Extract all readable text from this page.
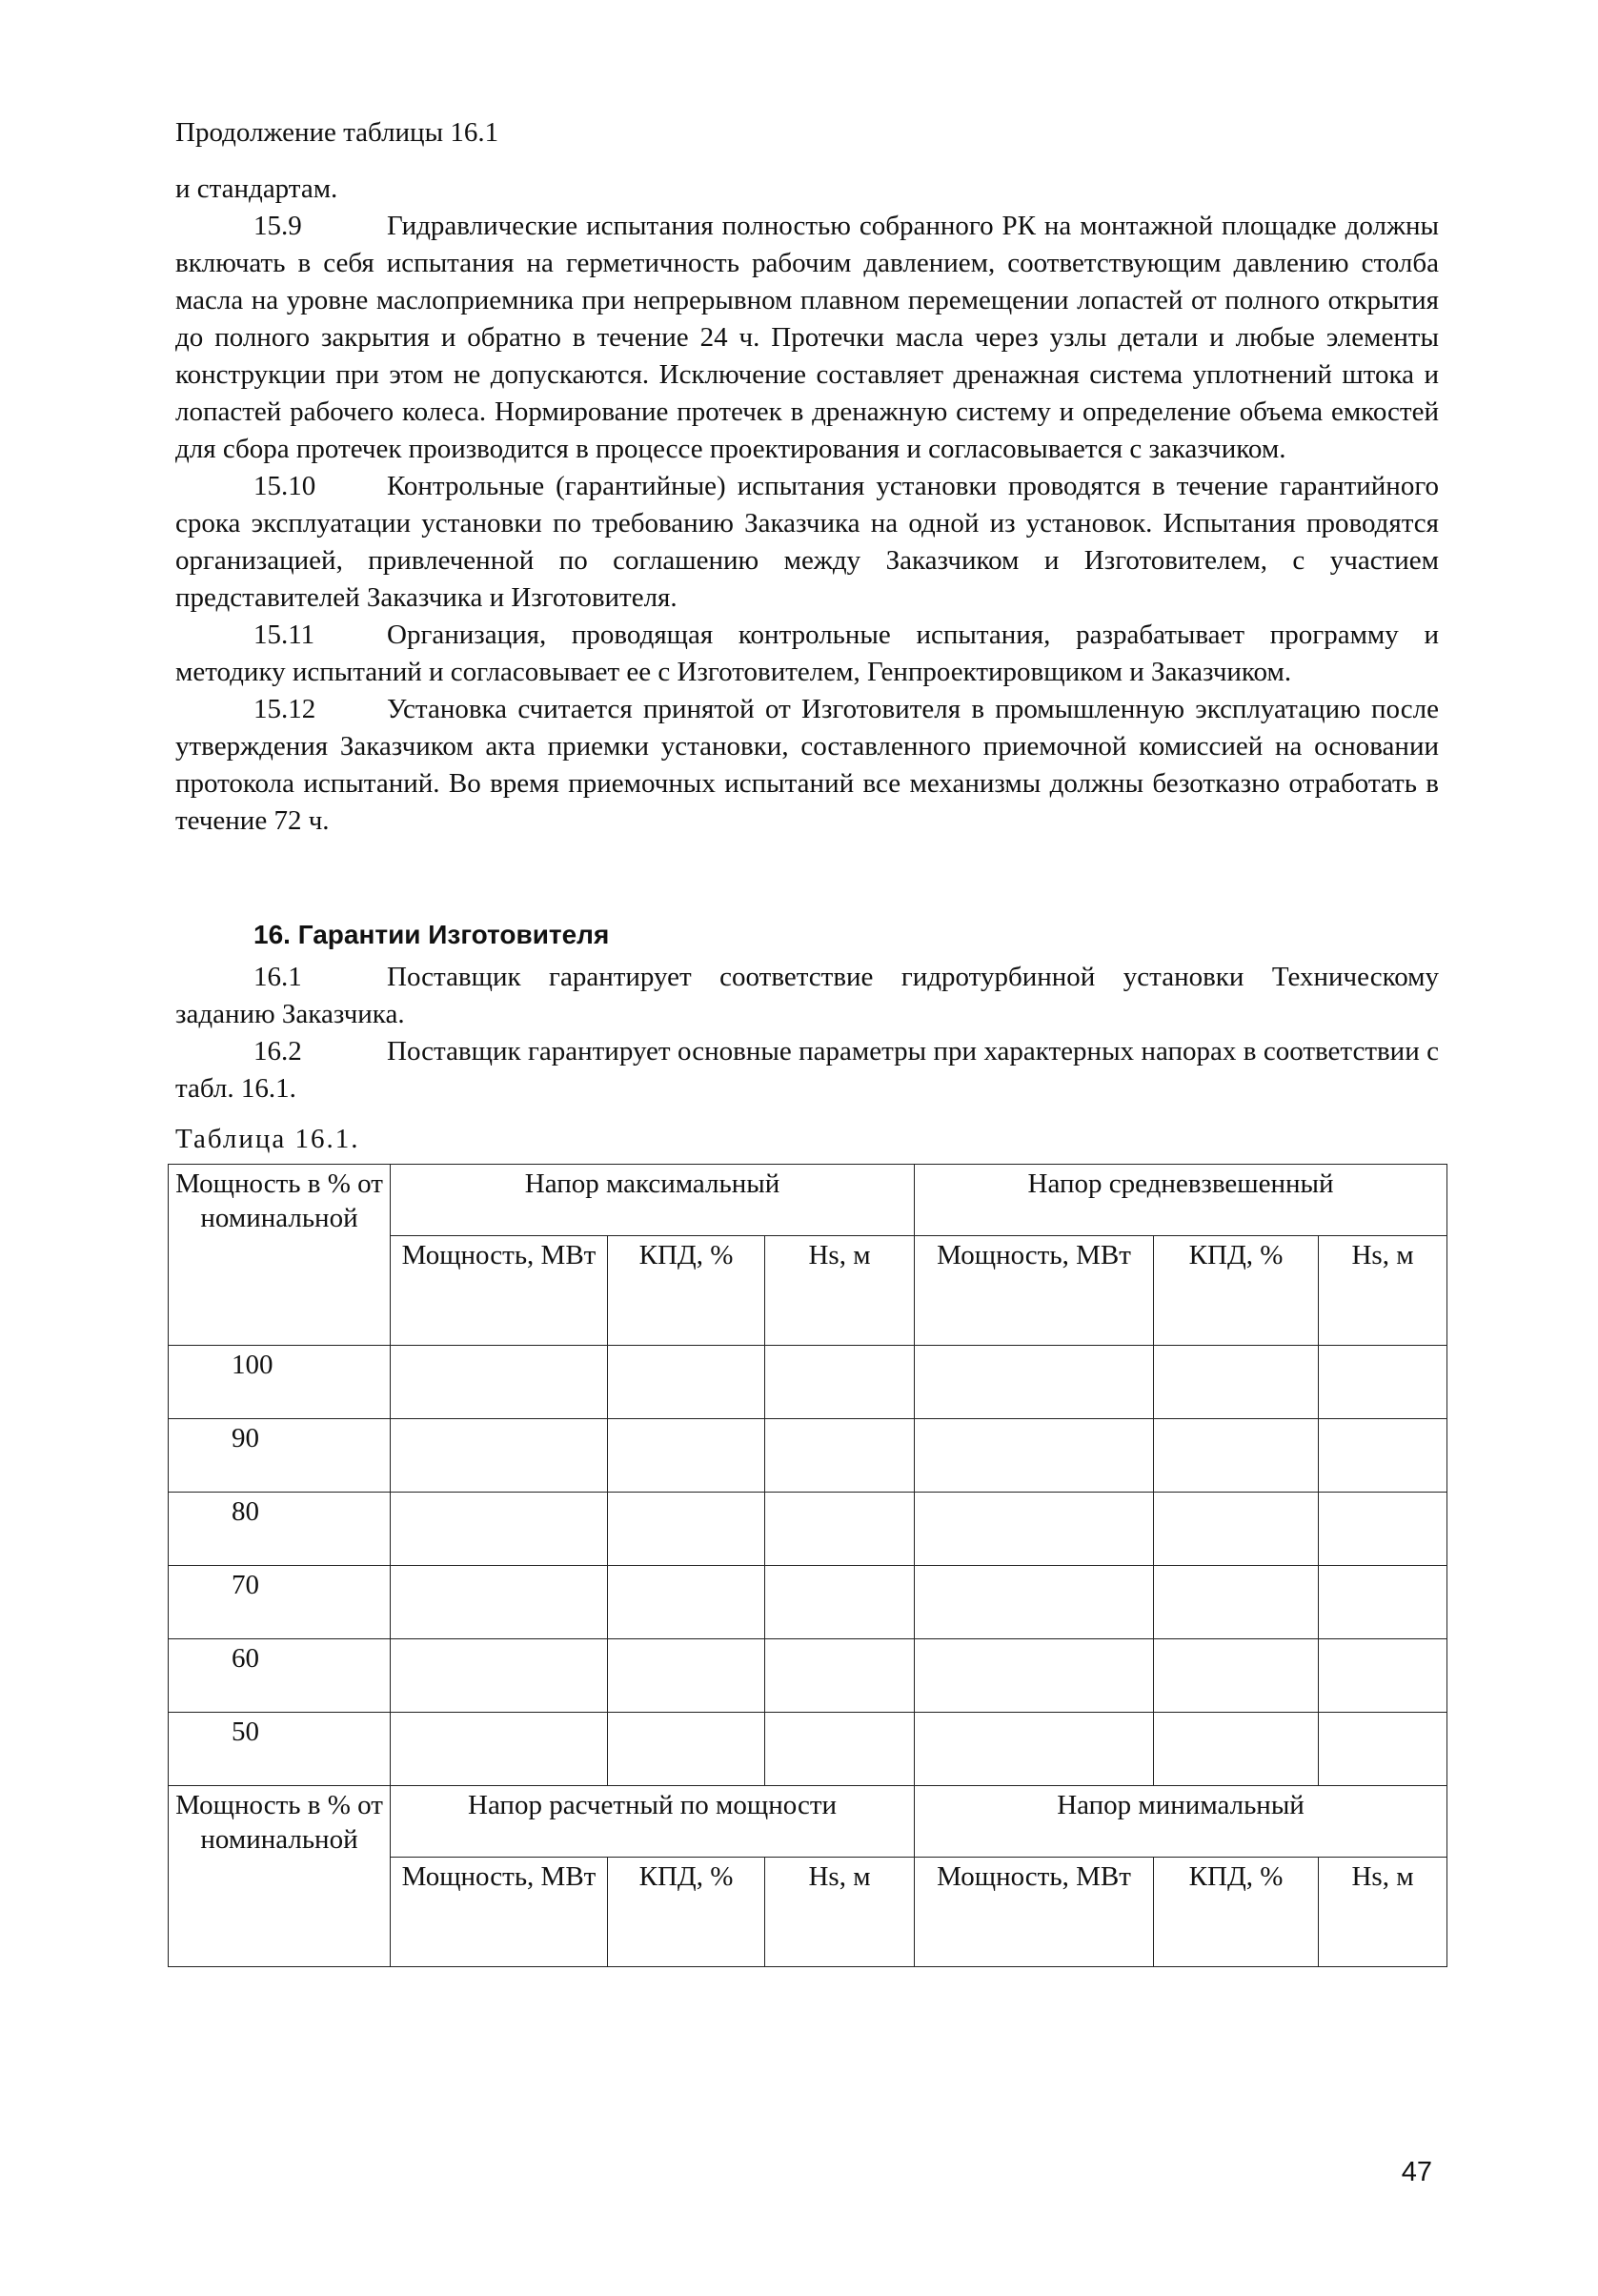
Продолжение таблицы 16.1

и стандартам.

15.9	Гидравлические испытания полностью собранного РК на монтажной площадке должны включать в себя испытания на герметичность рабочим давлением, соответствующим давлению столба масла на уровне маслоприемника при непрерывном плавном перемещении лопастей от полного открытия до полного закрытия и обратно в течение 24 ч. Протечки масла через узлы детали и любые элементы конструкции при этом не допускаются. Исключение составляет дренажная система уплотнений штока и лопастей рабочего колеса. Нормирование протечек в дренажную систему и определение объема емкостей для сбора протечек производится в процессе проектирования и согласовывается с заказчиком.

15.10	Контрольные (гарантийные) испытания установки проводятся в течение гарантийного срока эксплуатации установки по требованию Заказчика на одной из установок. Испытания проводятся организацией, привлеченной по соглашению между Заказчиком и Изготовителем, с участием представителей Заказчика и Изготовителя.

15.11	Организация, проводящая контрольные испытания, разрабатывает программу и методику испытаний и согласовывает ее с Изготовителем, Генпроектировщиком и Заказчиком.

15.12	Установка считается принятой от Изготовителя в промышленную эксплуатацию после утверждения Заказчиком акта приемки установки, составленного приемочной комиссией на основании протокола испытаний. Во время приемочных испытаний все механизмы должны безотказно отработать в течение 72 ч.

16. Гарантии Изготовителя

16.1	Поставщик гарантирует соответствие гидротурбинной установки Техническому заданию Заказчика.

16.2	Поставщик гарантирует основные параметры при характерных напорах в соответствии с табл. 16.1.

Таблица 16.1.

Мощность в % от номинальной	Напор максимальный			Напор средневзвешенный		
	Мощность, МВт	КПД, %	Hs, м	Мощность, МВт	КПД, %	Hs, м
100						
90						
80						
70						
60						
50						
Мощность в % от номинальной	Напор расчетный по мощности			Напор минимальный		
	Мощность, МВт	КПД, %	Hs, м	Мощность, МВт	КПД, %	Hs, м
47
